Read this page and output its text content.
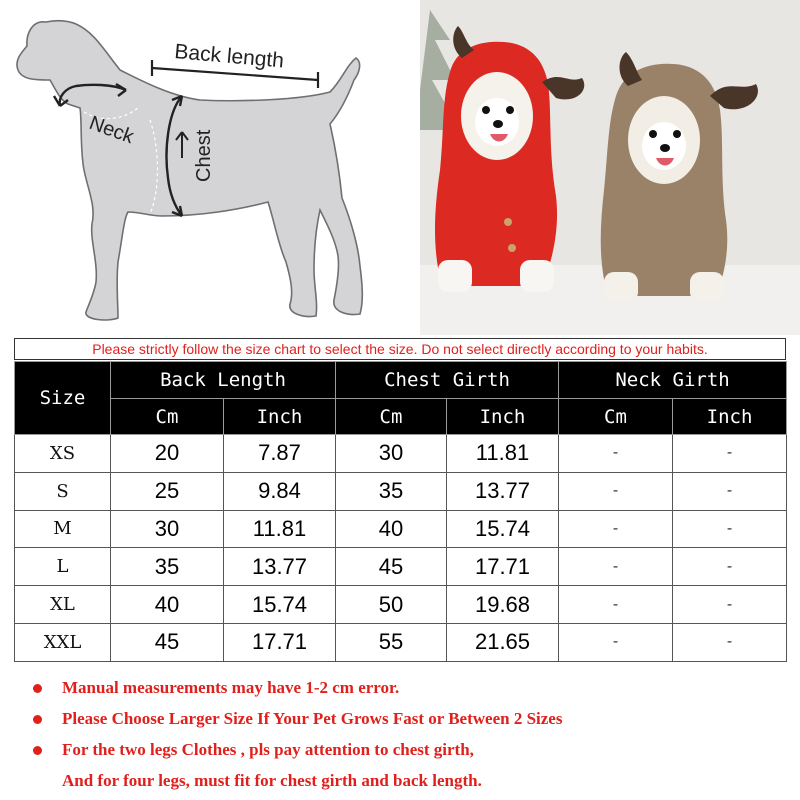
Back length
Neck	Chest
Please strictly follow the size chart to select the size. Do not select directly according to your habits.
Size	Back Length		Chest Girth		Neck Girth	
	Cm	Inch	Cm	Inch	Cm	Inch
XS	20	7.87	30	11.81	-	-
S	25	9.84	35	13.77	-	-
M	30	11.81	40	15.74	-	-
L	35	13.77	45	17.71	-	-
XL	40	15.74	50	19.68	-	-
XXL	45	17.71	55	21.65	-	-
Manual measurements may have 1-2 cm error.
Please Choose Larger Size If Your Pet Grows Fast or Between 2 Sizes
For the two legs Clothes , pls pay attention to chest girth,
And for four legs, must fit for chest girth and back length.
